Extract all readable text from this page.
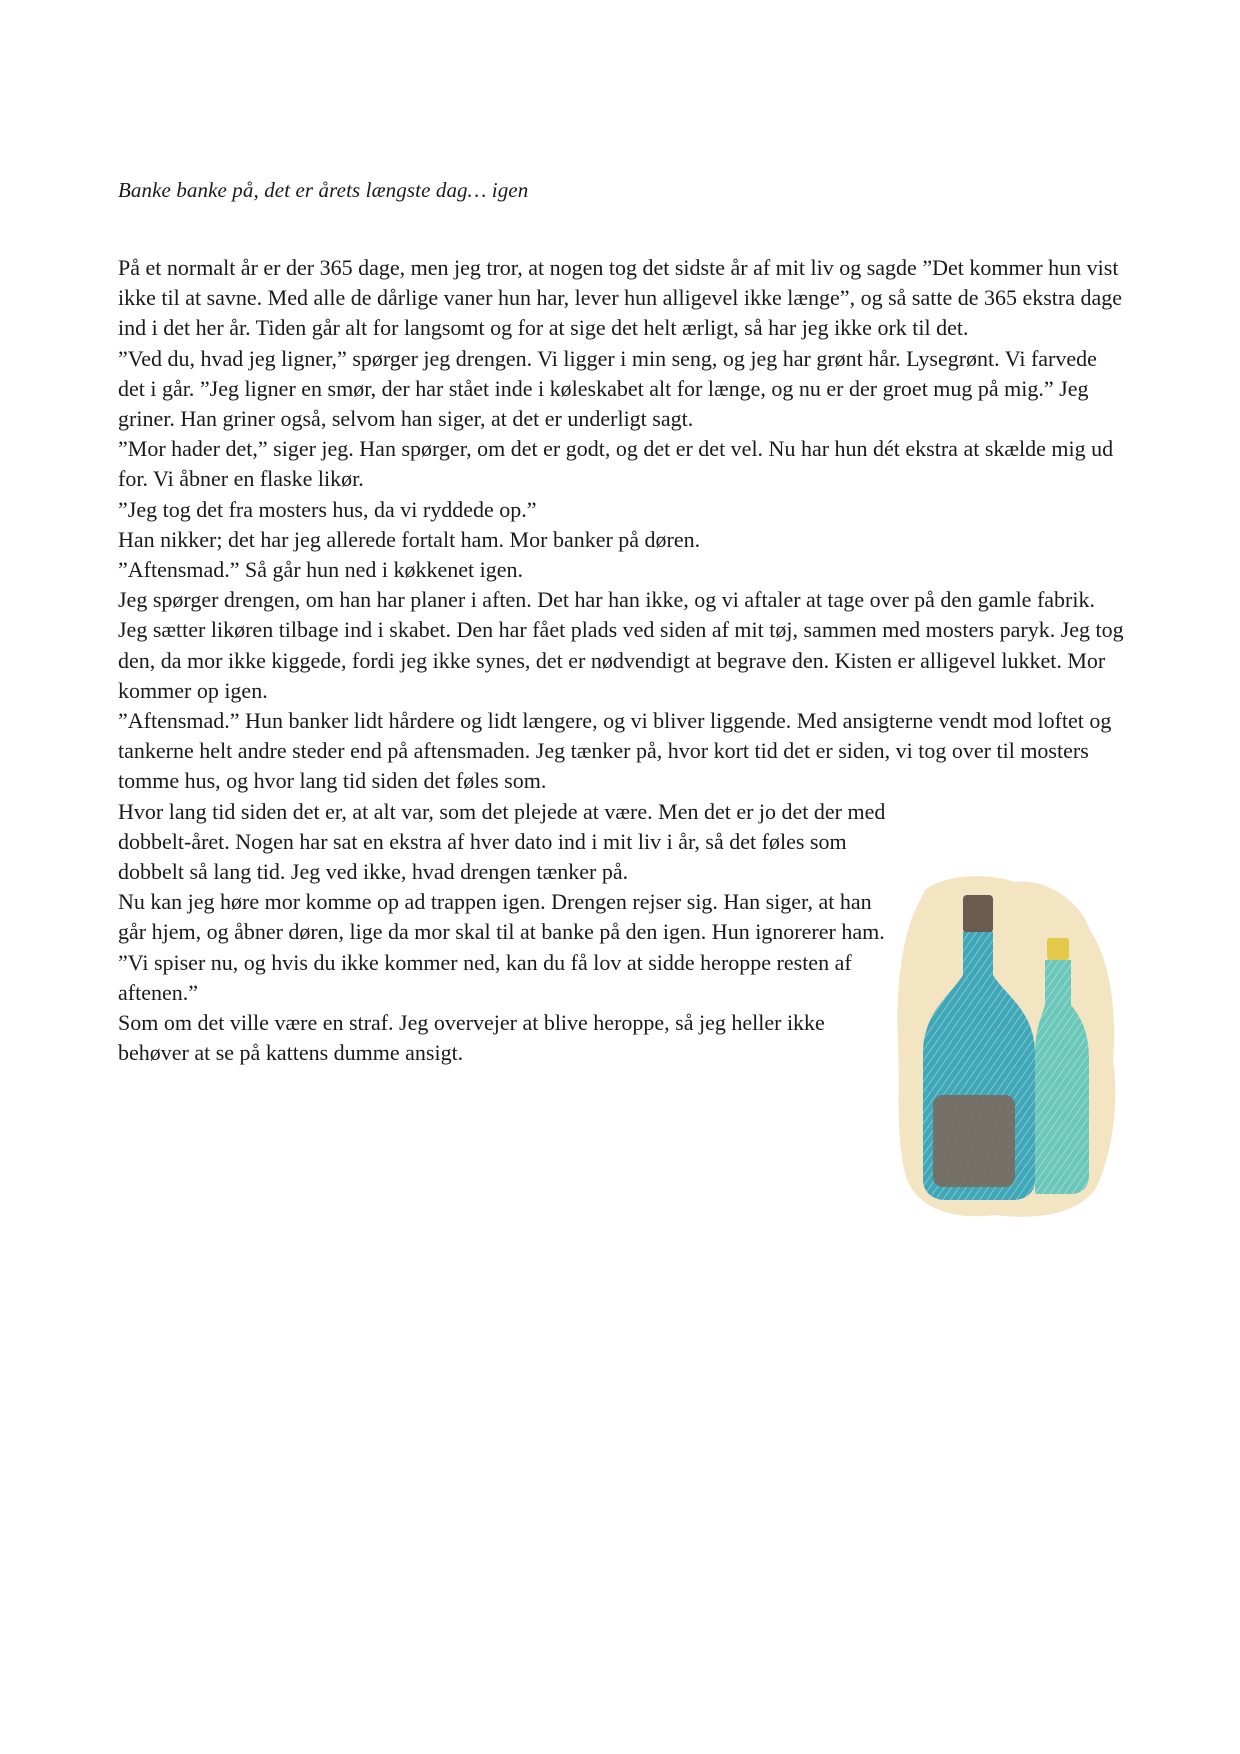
Banke banke på, det er årets længste dag… igen

På et normalt år er der 365 dage, men jeg tror, at nogen tog det sidste år af mit liv og sagde ”Det kommer hun vist ikke til at savne. Med alle de dårlige vaner hun har, lever hun alligevel ikke længe”, og så satte de 365 ekstra dage ind i det her år. Tiden går alt for langsomt og for at sige det helt ærligt, så har jeg ikke ork til det.

”Ved du, hvad jeg ligner,” spørger jeg drengen. Vi ligger i min seng, og jeg har grønt hår. Lysegrønt. Vi farvede det i går. ”Jeg ligner en smør, der har stået inde i køleskabet alt for længe, og nu er der groet mug på mig.” Jeg griner. Han griner også, selvom han siger, at det er underligt sagt.

”Mor hader det,” siger jeg. Han spørger, om det er godt, og det er det vel. Nu har hun dét ekstra at skælde mig ud for. Vi åbner en flaske likør.

”Jeg tog det fra mosters hus, da vi ryddede op.”

Han nikker; det har jeg allerede fortalt ham. Mor banker på døren.

”Aftensmad.” Så går hun ned i køkkenet igen.

Jeg spørger drengen, om han har planer i aften. Det har han ikke, og vi aftaler at tage over på den gamle fabrik. Jeg sætter likøren tilbage ind i skabet. Den har fået plads ved siden af mit tøj, sammen med mosters paryk. Jeg tog den, da mor ikke kiggede, fordi jeg ikke synes, det er nødvendigt at begrave den. Kisten er alligevel lukket. Mor kommer op igen.

”Aftensmad.” Hun banker lidt hårdere og lidt længere, og vi bliver liggende. Med ansigterne vendt mod loftet og tankerne helt andre steder end på aftensmaden. Jeg tænker på, hvor kort tid det er siden, vi tog over til mosters tomme hus, og hvor lang tid siden det føles som.

Hvor lang tid siden det er, at alt var, som det plejede at være. Men det er jo det der med dobbelt-året. Nogen har sat en ekstra af hver dato ind i mit liv i år, så det føles som dobbelt så lang tid. Jeg ved ikke, hvad drengen tænker på.

Nu kan jeg høre mor komme op ad trappen igen. Drengen rejser sig. Han siger, at han går hjem, og åbner døren, lige da mor skal til at banke på den igen. Hun ignorerer ham.

”Vi spiser nu, og hvis du ikke kommer ned, kan du få lov at sidde heroppe resten af aftenen.”

Som om det ville være en straf. Jeg overvejer at blive heroppe, så jeg heller ikke behøver at se på kattens dumme ansigt.
